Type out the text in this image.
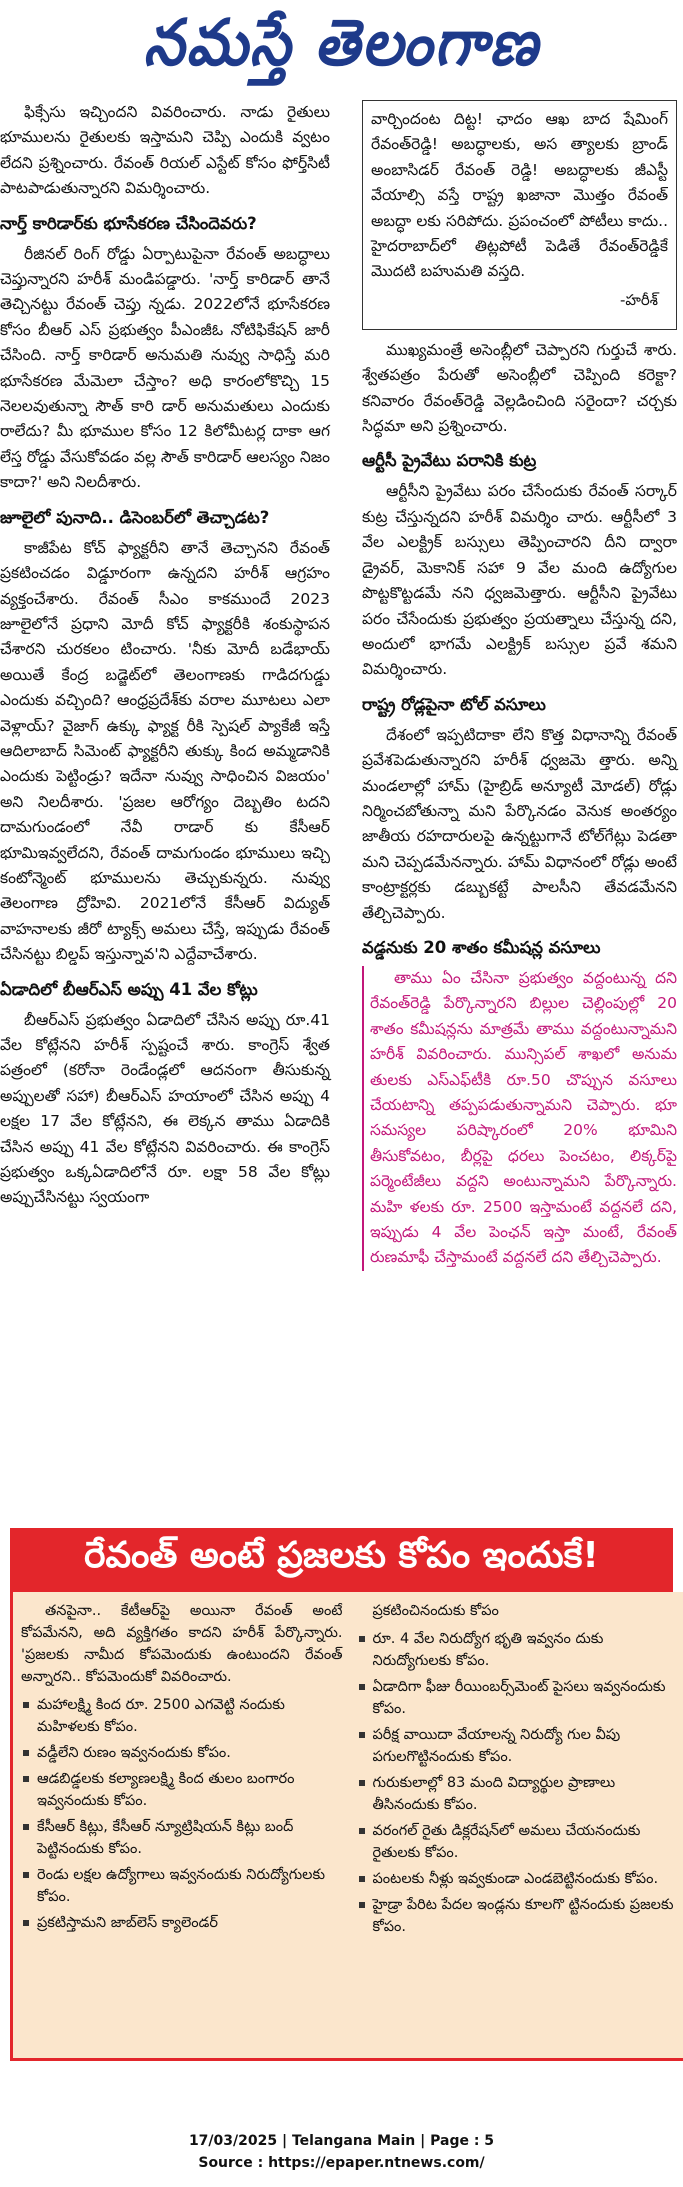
నమస్తే తెలంగాణ

ఫిక్సేసు ఇచ్చిందని వివరించారు. నాడు రైతులు భూములను రైతులకు ఇస్తామని చెప్పి ఎందుకి వ్వటం లేదని ప్రశ్నించారు. రేవంత్ రియల్ ఎస్టేట్ కోసం ఫోర్త్‌సిటీ పాటపాడుతున్నారని విమర్శించారు.

నార్త్ కారిడార్‌కు భూసేకరణ చేసిందెవరు?

రీజినల్ రింగ్ రోడ్డు ఏర్పాటుపైనా రేవంత్ అబద్ధాలు చెప్తున్నారని హరీశ్ మండిపడ్డారు. 'నార్త్ కారిడార్ తానే తెచ్చినట్టు రేవంత్ చెప్తు న్నడు. 2022లోనే భూసేకరణ కోసం బీఆర్ ఎస్ ప్రభుత్వం పీఎంజీఓ నోటిఫికేషన్ జారీ చేసింది. నార్త్ కారిడార్ అనుమతి నువ్వు సాధిస్తే మరి భూసేకరణ మేమెలా చేస్తాం? అధి కారంలోకొచ్చి 15 నెలలవుతున్నా సౌత్ కారి డార్ అనుమతులు ఎందుకు రాలేదు? మీ భూముల కోసం 12 కిలోమీటర్ల దాకా ఆగ లేస్త రోడ్డు వేసుకోవడం వల్ల సౌత్ కారిడార్ ఆలస్యం నిజం కాదా?' అని నిలదీశారు.

జూలైలో పునాది.. డిసెంబర్‌లో తెచ్చాడట?

కాజీపేట కోచ్ ఫ్యాక్టరీని తానే తెచ్చానని రేవంత్ ప్రకటించడం విడ్డూరంగా ఉన్నదని హరీశ్ ఆగ్రహం వ్యక్తంచేశారు. రేవంత్ సీఎం కాకముందే 2023 జూలైలోనే ప్రధాని మోదీ కోచ్ ఫ్యాక్టరీకి శంకుస్థాపన చేశారని చురకలం టించారు. 'నీకు మోదీ బడేభాయ్ అయితే కేంద్ర బడ్జెట్‌లో తెలంగాణకు గాడిదగుడ్డు ఎందుకు వచ్చింది? ఆంధ్రప్రదేశ్‌కు వరాల మూటలు ఎలా వెళ్లాయ్? వైజాగ్ ఉక్కు ఫ్యాక్ట రీకి స్పెషల్ ప్యాకేజీ ఇస్తే ఆదిలాబాద్ సిమెంట్ ఫ్యాక్టరీని తుక్కు కింద అమ్మడానికి ఎందుకు పెట్టిండ్రు? ఇదేనా నువ్వు సాధించిన విజయం' అని నిలదీశారు. 'ప్రజల ఆరోగ్యం దెబ్బతిం టదని దామగుండంలో నేవీ రాడార్ కు కేసీఆర్ భూమిఇవ్వలేదని, రేవంత్ దామగుండం భూములు ఇచ్చి కంటోన్మెంట్ భూములను తెచ్చుకున్నరు. నువ్వు తెలంగాణ ద్రోహివి. 2021లోనే కేసీఆర్ విద్యుత్ వాహనాలకు జీరో ట్యాక్స్ అమలు చేస్తే, ఇప్పుడు రేవంత్ చేసినట్టు బిల్డప్ ఇస్తున్నావ'ని ఎద్దేవాచేశారు.

ఏడాదిలో బీఆర్‌ఎస్ అప్పు 41 వేల కోట్లు

బీఆర్‌ఎస్ ప్రభుత్వం ఏడాదిలో చేసిన అప్పు రూ.41 వేల కోట్లేనని హరీశ్ స్పష్టంచే శారు. కాంగ్రెస్ శ్వేత పత్రంలో (కరోనా రెండేండ్లలో ఆదనంగా తీసుకున్న అప్పులతో సహా) బీఆర్‌ఎస్ హయాంలో చేసిన అప్పు 4 లక్షల 17 వేల కోట్లేనని, ఈ లెక్కన తాము ఏడాదికి చేసిన అప్పు 41 వేల కోట్లేనని వివరించారు. ఈ కాంగ్రెస్ ప్రభుత్వం ఒక్కఏడాదిలోనే రూ. లక్షా 58 వేల కోట్లు అప్పుచేసినట్టు స్వయంగా

వార్చిందంట దిట్ట! ఛాదం ఆఖ బాద షేమింగ్ రేవంత్‌రెడ్డి! అబద్ధాలకు, అస త్యాలకు బ్రాండ్ అంబాసిడర్ రేవంత్ రెడ్డి! అబద్ధాలకు జీఎస్టీ వేయాల్సి వస్తే రాష్ట్ర ఖజానా మొత్తం రేవంత్ అబద్ధా లకు సరిపోదు. ప్రపంచంలో పోటీలు కాదు.. హైదరాబాద్‌లో తిట్లపోటీ పెడితే రేవంత్‌రెడ్డికే మొదటి బహుమతి వస్తది.

-హరీశ్

ముఖ్యమంత్రే అసెంబ్లీలో చెప్పారని గుర్తుచే శారు. శ్వేతపత్రం పేరుతో అసెంబ్లీలో చెప్పింది కరెక్టా? కనివారం రేవంత్‌రెడ్డి వెల్లడించింది సరైందా? చర్చకు సిద్ధమా అని ప్రశ్నించారు.

ఆర్టీసీ ప్రైవేటు పరానికి కుట్ర

ఆర్టీసీని ప్రైవేటు పరం చేసేందుకు రేవంత్ సర్కార్ కుట్ర చేస్తున్నదని హరీశ్ విమర్శిం చారు. ఆర్టీసీలో 3 వేల ఎలక్ట్రిక్ బస్సులు తెప్పించారని దీని ద్వారా డ్రైవర్, మెకానిక్ సహా 9 వేల మంది ఉద్యోగుల పొట్టకొట్టడమే నని ధ్వజమెత్తారు. ఆర్టీసీని ప్రైవేటు పరం చేసేందుకు ప్రభుత్వం ప్రయత్నాలు చేస్తున్న దని, అందులో భాగమే ఎలక్ట్రిక్ బస్సుల ప్రవే శమని విమర్శించారు.

రాష్ట్ర రోడ్లపైనా టోల్ వసూలు

దేశంలో ఇప్పటిదాకా లేని కొత్త విధానాన్ని రేవంత్ ప్రవేశపెడుతున్నారని హరీశ్ ధ్వజమె త్తారు. అన్ని మండలాల్లో హామ్ (హైబ్రిడ్ అన్యూటీ మోడల్) రోడ్లు నిర్మించబోతున్నా మని పేర్కొనడం వెనుక అంతర్యం జాతీయ రహదారులపై ఉన్నట్టుగానే టోల్‌గేట్లు పెడతా మని చెప్పడమేనన్నారు. హామ్ విధానంలో రోడ్లు అంటే కాంట్రాక్టర్లకు డబ్బుకట్టే పాలసీని తేవడమేనని తేల్చిచెప్పారు.

వడ్డనుకు 20 శాతం కమీషన్ల వసూలు

తాము ఏం చేసినా ప్రభుత్వం వద్దంటున్న దని రేవంత్‌రెడ్డి పేర్కొన్నారని బిల్లుల చెల్లింపుల్లో 20 శాతం కమీషన్లను మాత్రమే తాము వద్దంటున్నామని హరీశ్ వివరించారు. మున్సిపల్ శాఖలో అనుమ తులకు ఎస్‌ఎఫ్‌టీకి రూ.50 చొప్పున వసూలు చేయటాన్ని తప్పపడుతున్నామని చెప్పారు. భూ సమస్యల పరిష్కారంలో 20% భూమిని తీసుకోవటం, బీర్లపై ధరలు పెంచటం, లిక్కర్‌పై పర్మెంటేజీలు వద్దని అంటున్నామని పేర్కొన్నారు. మహి ళలకు రూ. 2500 ఇస్తామంటే వద్దనలే దని, ఇప్పుడు 4 వేల పెంఛన్ ఇస్తా మంటే, రేవంత్ రుణమాఫీ చేస్తామంటే వద్దనలే దని తేల్చిచెప్పారు.

రేవంత్ అంటే ప్రజలకు కోపం ఇందుకే!

తనపైనా.. కేటీఆర్‌పై అయినా రేవంత్ అంటే కోపమేనని, అది వ్యక్తిగతం కాదని హరీశ్ పేర్కొన్నారు. 'ప్రజలకు నామీద కోపమెందుకు ఉంటుందని రేవంత్ అన్నారని.. కోపమెందుకో వివరించారు.

మహాలక్ష్మి కింద రూ. 2500 ఎగవెట్టి నందుకు మహిళలకు కోపం.
వడ్డీలేని రుణం ఇవ్వనందుకు కోపం.
ఆడబిడ్డలకు కల్యాణలక్ష్మి కింద తులం బంగారం ఇవ్వనందుకు కోపం.
కేసీఆర్ కిట్లు, కేసీఆర్ న్యూట్రిషియన్ కిట్లు బంద్ పెట్టినందుకు కోపం.
రెండు లక్షల ఉద్యోగాలు ఇవ్వనందుకు నిరుద్యోగులకు కోపం.
ప్రకటిస్తామని జాబ్‌లెస్ క్యాలెండర్

ప్రకటించినందుకు కోపం

రూ. 4 వేల నిరుద్యోగ భృతి ఇవ్వనం దుకు నిరుద్యోగులకు కోపం.
ఏడాదిగా ఫీజు రీయింబర్స్‌మెంట్ పైసలు ఇవ్వనందుకు కోపం.
పరీక్ష వాయిదా వేయాలన్న నిరుద్యో గుల వీపు పగులగొట్టినందుకు కోపం.
గురుకులాల్లో 83 మంది విద్యార్థుల ప్రాణాలు తీసినందుకు కోపం.
వరంగల్ రైతు డిక్లరేషన్‌లో అమలు చేయనందుకు రైతులకు కోపం.
పంటలకు నీళ్లు ఇవ్వకుండా ఎండబెట్టినందుకు కోపం.
హైడ్రా పేరిట పేదల ఇండ్లను కూలగొ ట్టినందుకు ప్రజలకు కోపం.
17/03/2025 | Telangana Main | Page : 5
Source : https://epaper.ntnews.com/
